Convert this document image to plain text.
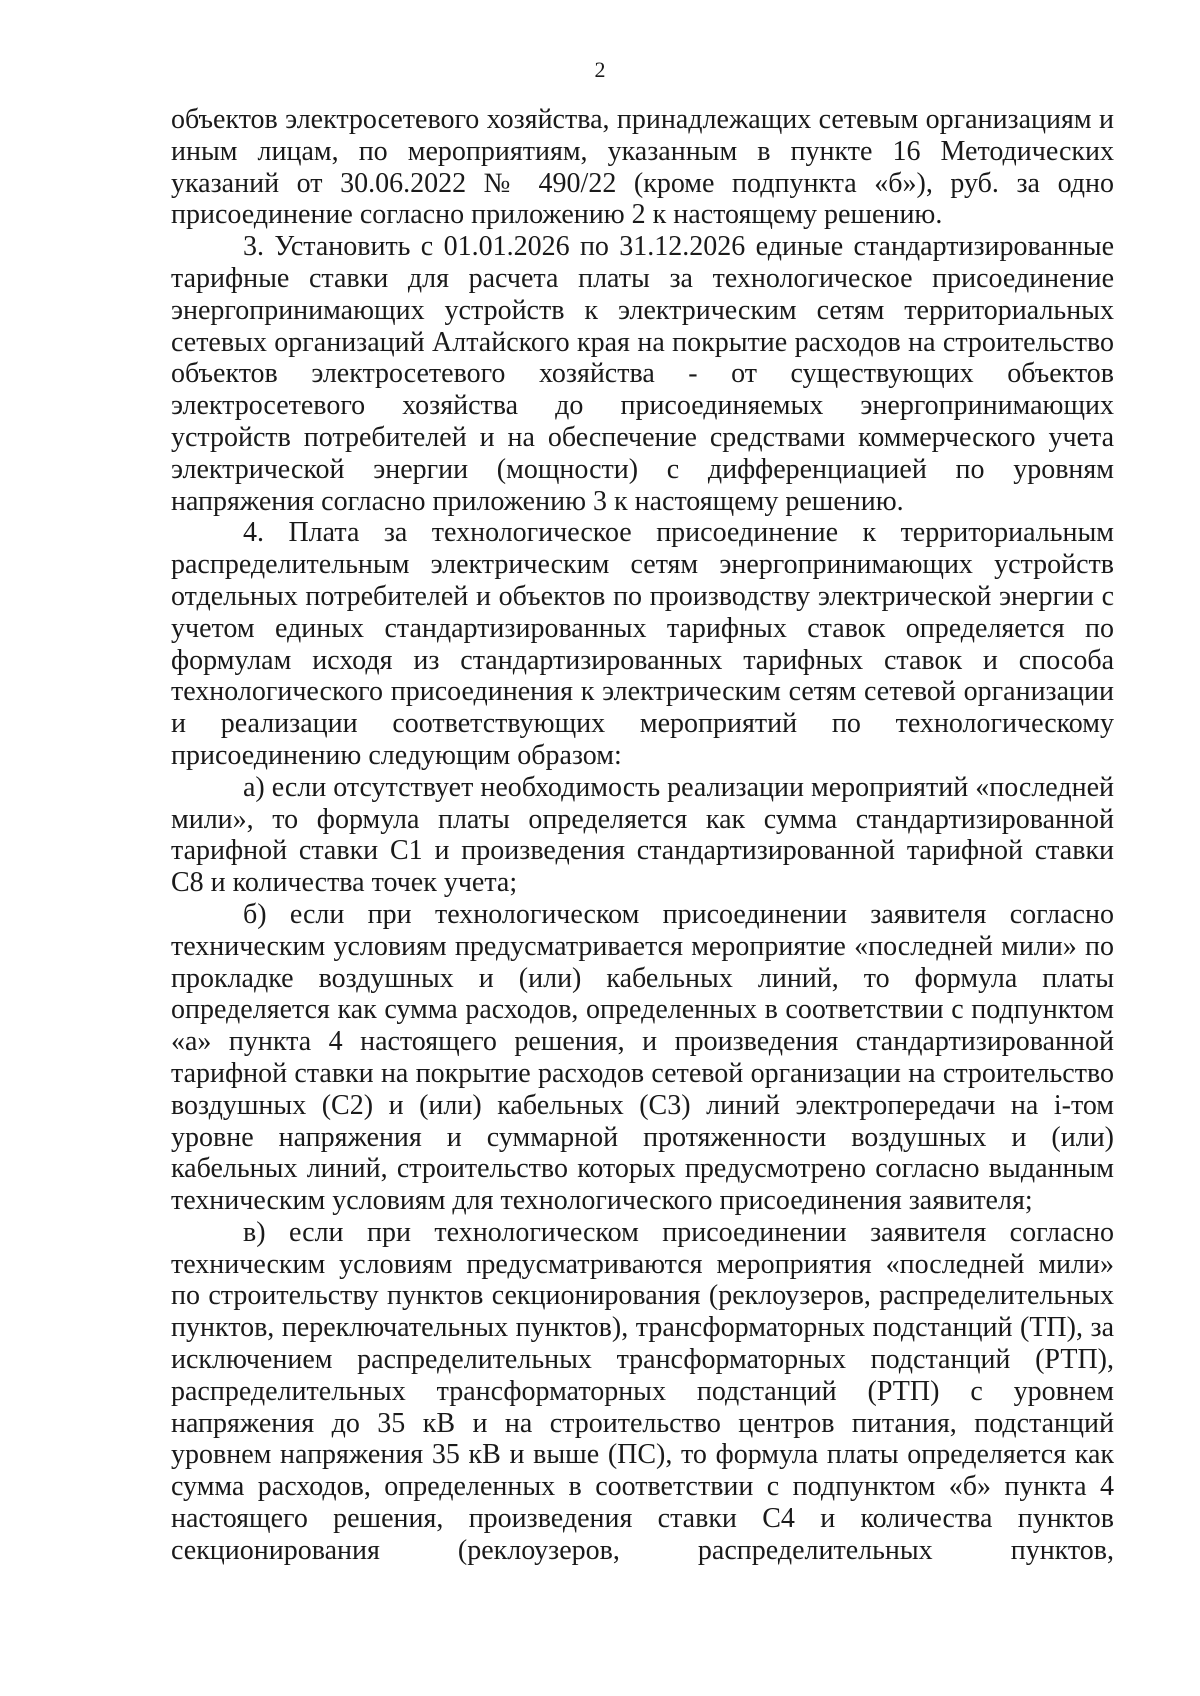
2

объектов электросетевого хозяйства, принадлежащих сетевым организациям и иным лицам, по мероприятиям, указанным в пункте 16 Методических указаний от 30.06.2022 № 490/22 (кроме подпункта «б»), руб. за одно присоединение согласно приложению 2 к настоящему решению.

3. Установить с 01.01.2026 по 31.12.2026 единые стандартизированные тарифные ставки для расчета платы за технологическое присоединение энергопринимающих устройств к электрическим сетям территориальных сетевых организаций Алтайского края на покрытие расходов на строительство объектов электросетевого хозяйства - от существующих объектов электросетевого хозяйства до присоединяемых энергопринимающих устройств потребителей и на обеспечение средствами коммерческого учета электрической энергии (мощности) с дифференциацией по уровням напряжения согласно приложению 3 к настоящему решению.

4. Плата за технологическое присоединение к территориальным распределительным электрическим сетям энергопринимающих устройств отдельных потребителей и объектов по производству электрической энергии с учетом единых стандартизированных тарифных ставок определяется по формулам исходя из стандартизированных тарифных ставок и способа технологического присоединения к электрическим сетям сетевой организации и реализации соответствующих мероприятий по технологическому присоединению следующим образом:

а) если отсутствует необходимость реализации мероприятий «последней мили», то формула платы определяется как сумма стандартизированной тарифной ставки C1 и произведения стандартизированной тарифной ставки C8 и количества точек учета;

б) если при технологическом присоединении заявителя согласно техническим условиям предусматривается мероприятие «последней мили» по прокладке воздушных и (или) кабельных линий, то формула платы определяется как сумма расходов, определенных в соответствии с подпунктом «а» пункта 4 настоящего решения, и произведения стандартизированной тарифной ставки на покрытие расходов сетевой организации на строительство воздушных (С2) и (или) кабельных (С3) линий электропередачи на i-том уровне напряжения и суммарной протяженности воздушных и (или) кабельных линий, строительство которых предусмотрено согласно выданным техническим условиям для технологического присоединения заявителя;

в) если при технологическом присоединении заявителя согласно техническим условиям предусматриваются мероприятия «последней мили» по строительству пунктов секционирования (реклоузеров, распределительных пунктов, переключательных пунктов), трансформаторных подстанций (ТП), за исключением распределительных трансформаторных подстанций (РТП), распределительных трансформаторных подстанций (РТП) с уровнем напряжения до 35 кВ и на строительство центров питания, подстанций уровнем напряжения 35 кВ и выше (ПС), то формула платы определяется как сумма расходов, определенных в соответствии с подпунктом «б» пункта 4 настоящего решения, произведения ставки С4 и количества пунктов секционирования (реклоузеров, распределительных пунктов,
